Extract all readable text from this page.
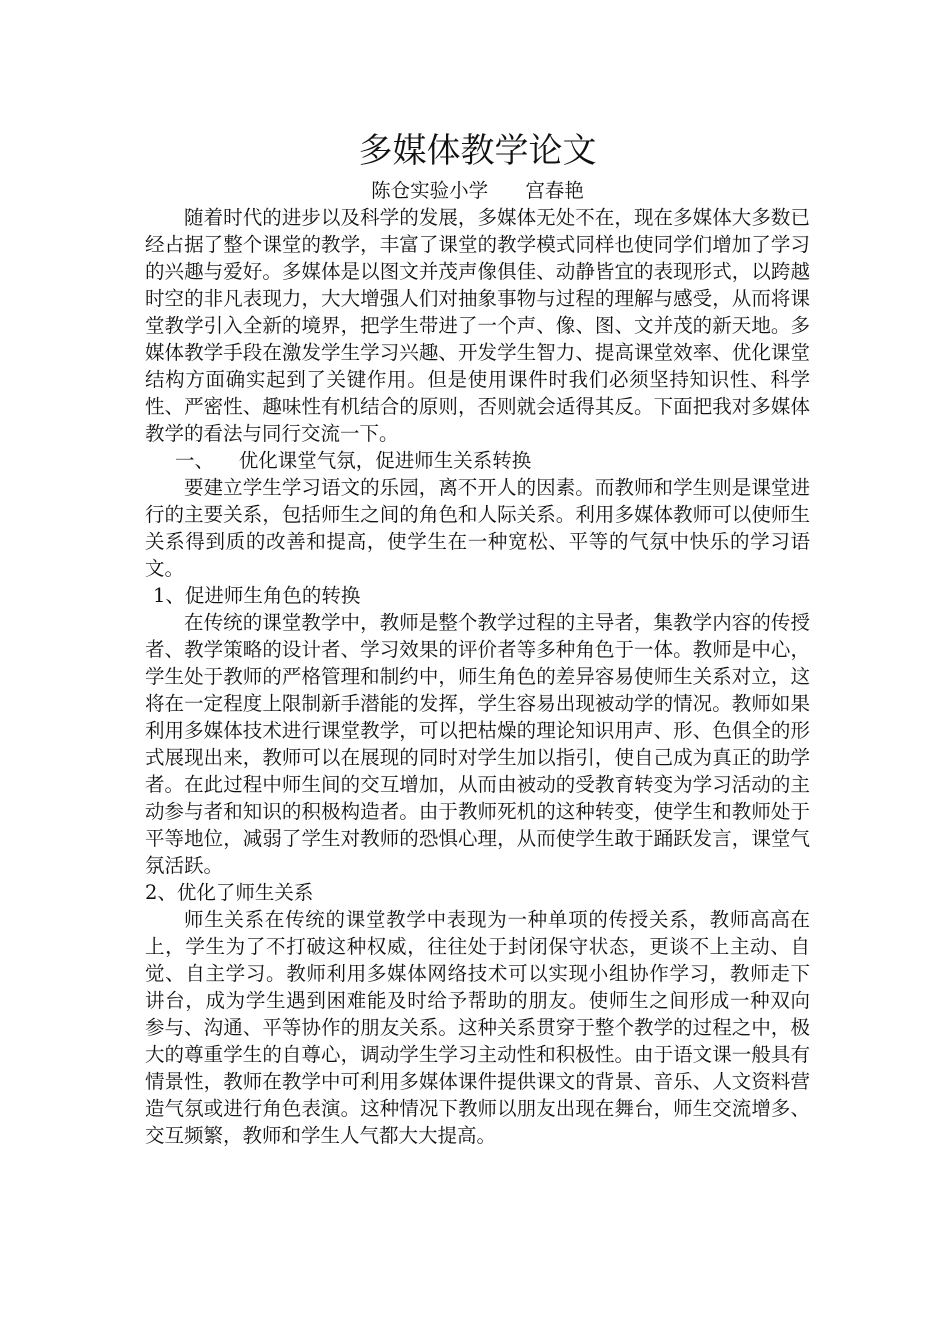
多媒体教学论文

陈仓实验小学      宫春艳

随着时代的进步以及科学的发展，多媒体无处不在，现在多媒体大多数已经占据了整个课堂的教学，丰富了课堂的教学模式同样也使同学们增加了学习的兴趣与爱好。多媒体是以图文并茂声像俱佳、动静皆宜的表现形式，以跨越时空的非凡表现力，大大增强人们对抽象事物与过程的理解与感受，从而将课堂教学引入全新的境界，把学生带进了一个声、像、图、文并茂的新天地。多媒体教学手段在激发学生学习兴趣、开发学生智力、提高课堂效率、优化课堂结构方面确实起到了关键作用。但是使用课件时我们必须坚持知识性、科学性、严密性、趣味性有机结合的原则，否则就会适得其反。下面把我对多媒体教学的看法与同行交流一下。

一、    优化课堂气氛，促进师生关系转换

要建立学生学习语文的乐园，离不开人的因素。而教师和学生则是课堂进行的主要关系，包括师生之间的角色和人际关系。利用多媒体教师可以使师生关系得到质的改善和提高，使学生在一种宽松、平等的气氛中快乐的学习语文。

1、促进师生角色的转换

在传统的课堂教学中，教师是整个教学过程的主导者，集教学内容的传授者、教学策略的设计者、学习效果的评价者等多种角色于一体。教师是中心，学生处于教师的严格管理和制约中，师生角色的差异容易使师生关系对立，这将在一定程度上限制新手潜能的发挥，学生容易出现被动学的情况。教师如果利用多媒体技术进行课堂教学，可以把枯燥的理论知识用声、形、色俱全的形式展现出来，教师可以在展现的同时对学生加以指引，使自己成为真正的助学者。在此过程中师生间的交互增加，从而由被动的受教育转变为学习活动的主动参与者和知识的积极构造者。由于教师死机的这种转变，使学生和教师处于平等地位，减弱了学生对教师的恐惧心理，从而使学生敢于踊跃发言，课堂气氛活跃。

2、优化了师生关系

师生关系在传统的课堂教学中表现为一种单项的传授关系，教师高高在上，学生为了不打破这种权威，往往处于封闭保守状态，更谈不上主动、自觉、自主学习。教师利用多媒体网络技术可以实现小组协作学习，教师走下 讲台，成为学生遇到困难能及时给予帮助的朋友。使师生之间形成一种双向 参与、沟通、平等协作的朋友关系。这种关系贯穿于整个教学的过程之中，极大的尊重学生的自尊心，调动学生学习主动性和积极性。由于语文课一般具有情景性，教师在教学中可利用多媒体课件提供课文的背景、音乐、人文资料营造气氛或进行角色表演。这种情况下教师以朋友出现在舞台，师生交流增多、交互频繁，教师和学生人气都大大提高。
